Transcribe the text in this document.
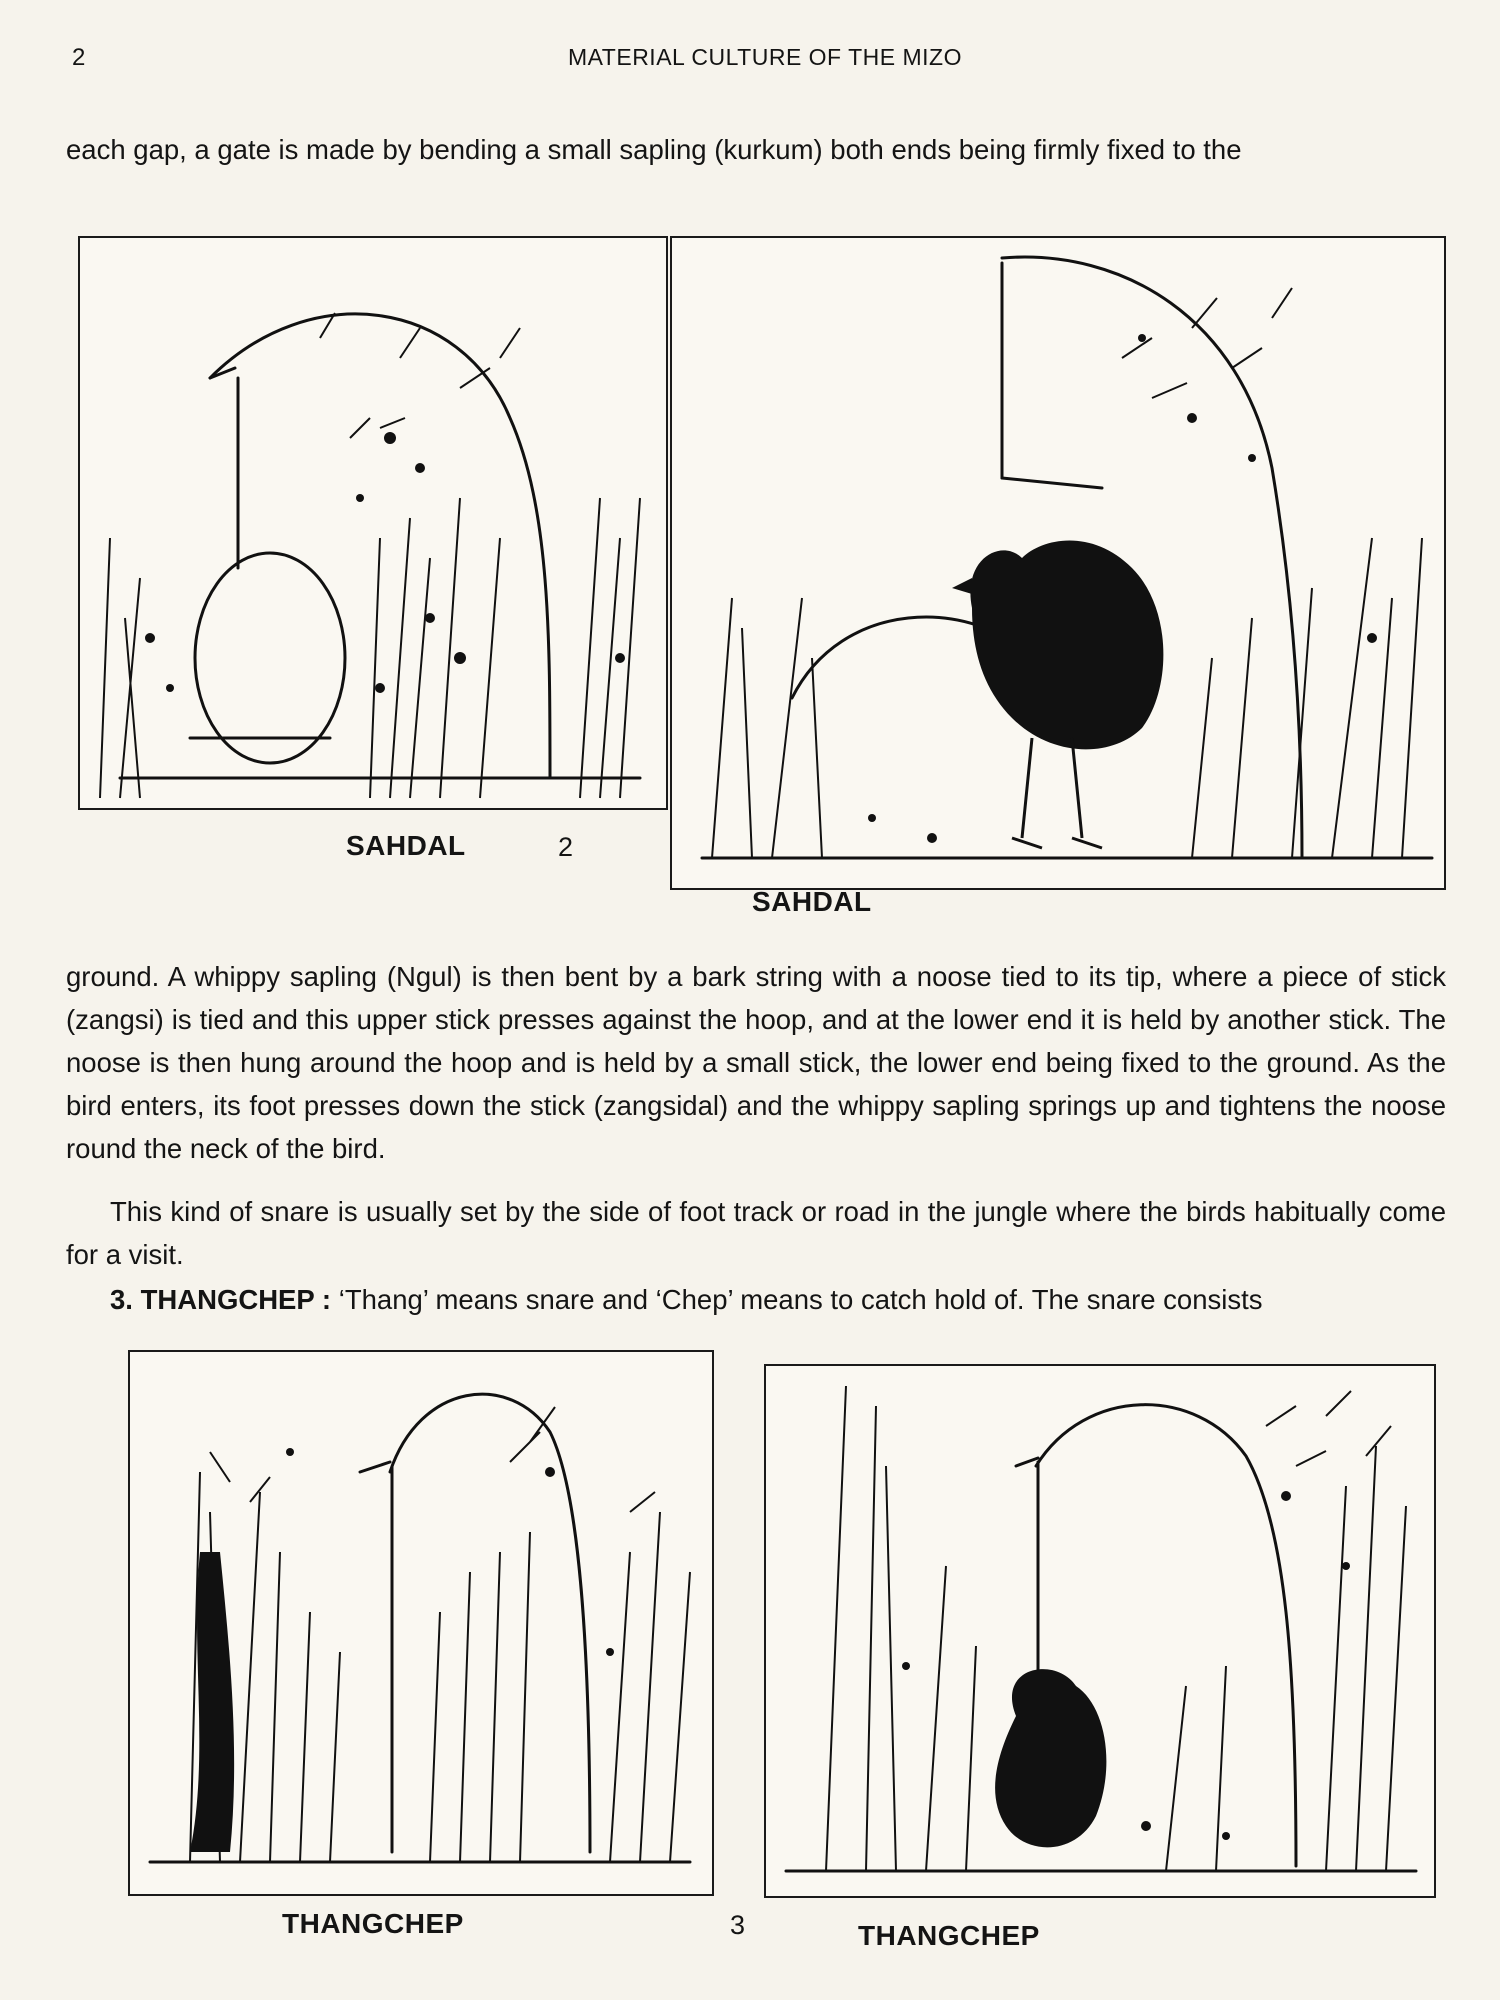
2	MATERIAL CULTURE OF THE MIZO

each gap, a gate is made by bending a small sapling (kurkum) both ends being firmly fixed to the

SAHDAL	2
SAHDAL

ground. A whippy sapling (Ngul) is then bent by a bark string with a noose tied to its tip, where a piece of stick (zangsi) is tied and this upper stick presses against the hoop, and at the lower end it is held by another stick. The noose is then hung around the hoop and is held by a small stick, the lower end being fixed to the ground. As the bird enters, its foot presses down the stick (zangsidal) and the whippy sapling springs up and tightens the noose round the neck of the bird.

This kind of snare is usually set by the side of foot track or road in the jungle where the birds habitually come for a visit.

3. THANGCHEP : ‘Thang’ means snare and ‘Chep’ means to catch hold of. The snare consists

THANGCHEP	3	THANGCHEP
